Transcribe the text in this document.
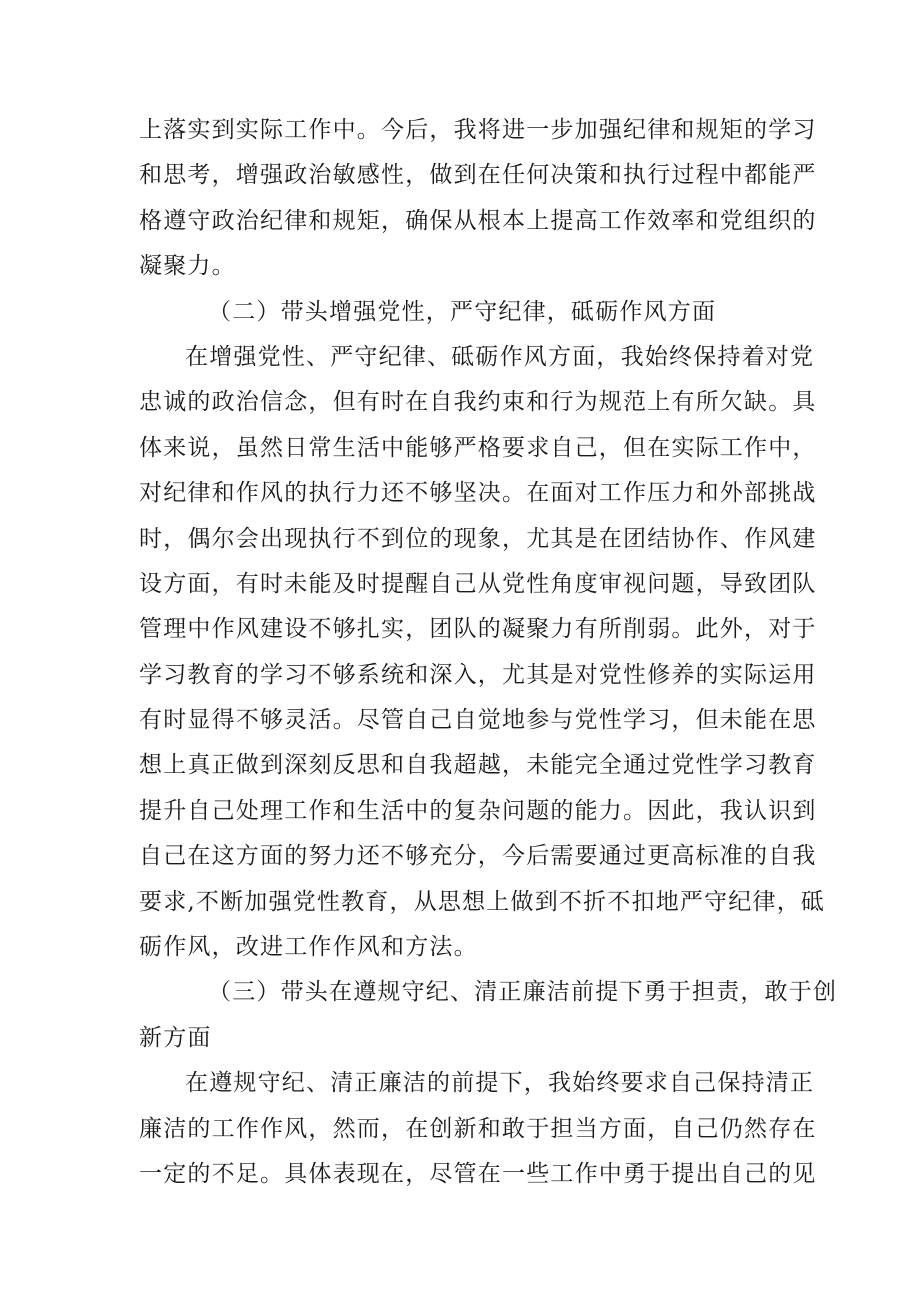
上落实到实际工作中。今后，我将进一步加强纪律和规矩的学习
和思考，增强政治敏感性，做到在任何决策和执行过程中都能严
格遵守政治纪律和规矩，确保从根本上提高工作效率和党组织的
凝聚力。
（二）带头增强党性，严守纪律，砥砺作风方面
在增强党性、严守纪律、砥砺作风方面，我始终保持着对党
忠诚的政治信念，但有时在自我约束和行为规范上有所欠缺。具
体来说，虽然日常生活中能够严格要求自己，但在实际工作中，
对纪律和作风的执行力还不够坚决。在面对工作压力和外部挑战
时，偶尔会出现执行不到位的现象，尤其是在团结协作、作风建
设方面，有时未能及时提醒自己从党性角度审视问题，导致团队
管理中作风建设不够扎实，团队的凝聚力有所削弱。此外，对于
学习教育的学习不够系统和深入，尤其是对党性修养的实际运用
有时显得不够灵活。尽管自己自觉地参与党性学习，但未能在思
想上真正做到深刻反思和自我超越，未能完全通过党性学习教育
提升自己处理工作和生活中的复杂问题的能力。因此，我认识到
自己在这方面的努力还不够充分，今后需要通过更高标准的自我
要求,不断加强党性教育，从思想上做到不折不扣地严守纪律，砥
砺作风，改进工作作风和方法。
（三）带头在遵规守纪、清正廉洁前提下勇于担责，敢于创
新方面
在遵规守纪、清正廉洁的前提下，我始终要求自己保持清正
廉洁的工作作风，然而，在创新和敢于担当方面，自己仍然存在
一定的不足。具体表现在，尽管在一些工作中勇于提出自己的见
